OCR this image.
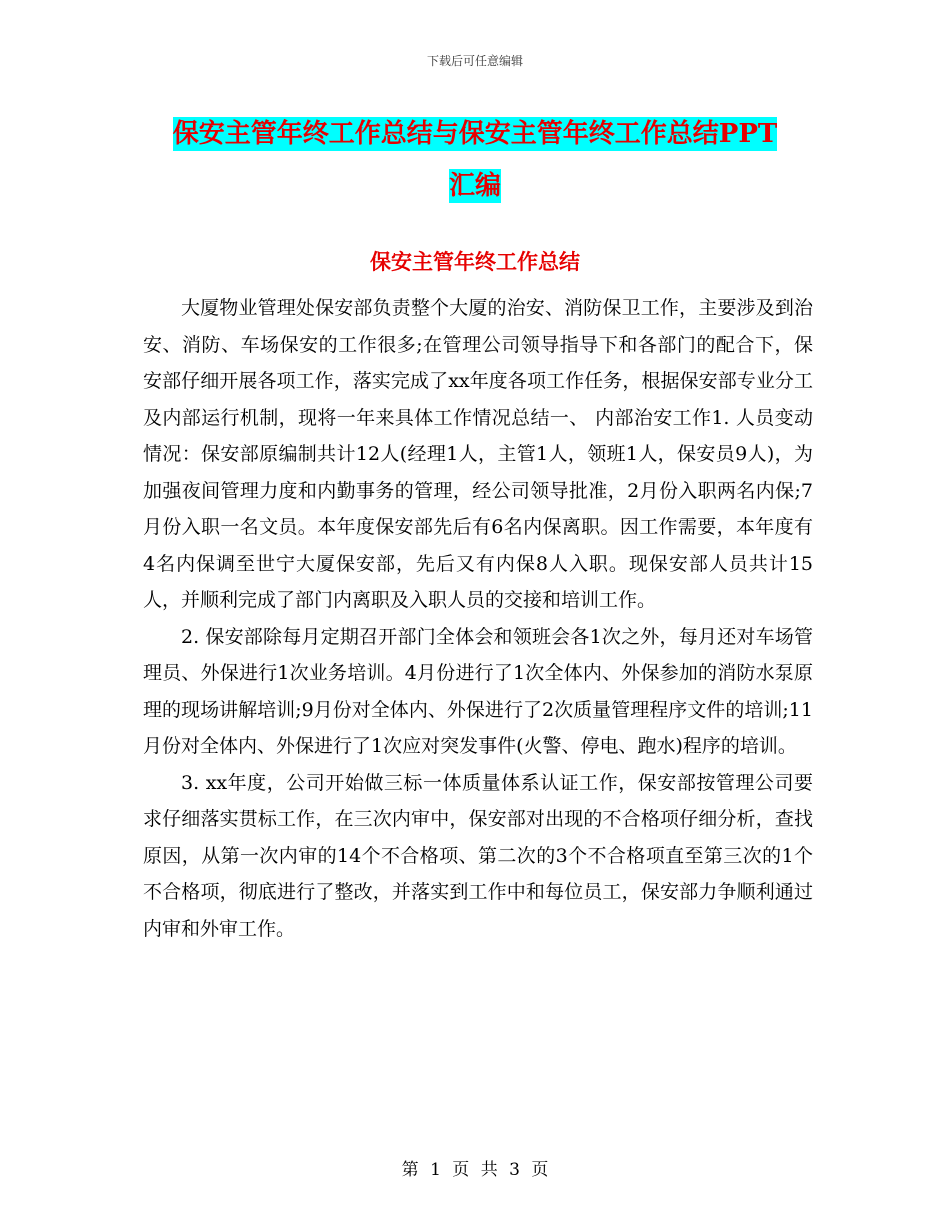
下载后可任意编辑
保安主管年终工作总结与保安主管年终工作总结PPT
汇编
保安主管年终工作总结

大厦物业管理处保安部负责整个大厦的治安、消防保卫工作，主要涉及到治安、消防、车场保安的工作很多;在管理公司领导指导下和各部门的配合下，保安部仔细开展各项工作，落实完成了xx年度各项工作任务，根据保安部专业分工及内部运行机制，现将一年来具体工作情况总结一、 内部治安工作1. 人员变动情况：保安部原编制共计12人(经理1人，主管1人，领班1人，保安员9人)，为加强夜间管理力度和内勤事务的管理，经公司领导批准，2月份入职两名内保;7月份入职一名文员。本年度保安部先后有6名内保离职。因工作需要，本年度有4名内保调至世宁大厦保安部，先后又有内保8人入职。现保安部人员共计15人，并顺利完成了部门内离职及入职人员的交接和培训工作。

2. 保安部除每月定期召开部门全体会和领班会各1次之外，每月还对车场管理员、外保进行1次业务培训。4月份进行了1次全体内、外保参加的消防水泵原理的现场讲解培训;9月份对全体内、外保进行了2次质量管理程序文件的培训;11月份对全体内、外保进行了1次应对突发事件(火警、停电、跑水)程序的培训。

3. xx年度，公司开始做三标一体质量体系认证工作，保安部按管理公司要求仔细落实贯标工作，在三次内审中，保安部对出现的不合格项仔细分析，查找原因，从第一次内审的14个不合格项、第二次的3个不合格项直至第三次的1个不合格项，彻底进行了整改，并落实到工作中和每位员工，保安部力争顺利通过内审和外审工作。

第 1 页 共 3 页
